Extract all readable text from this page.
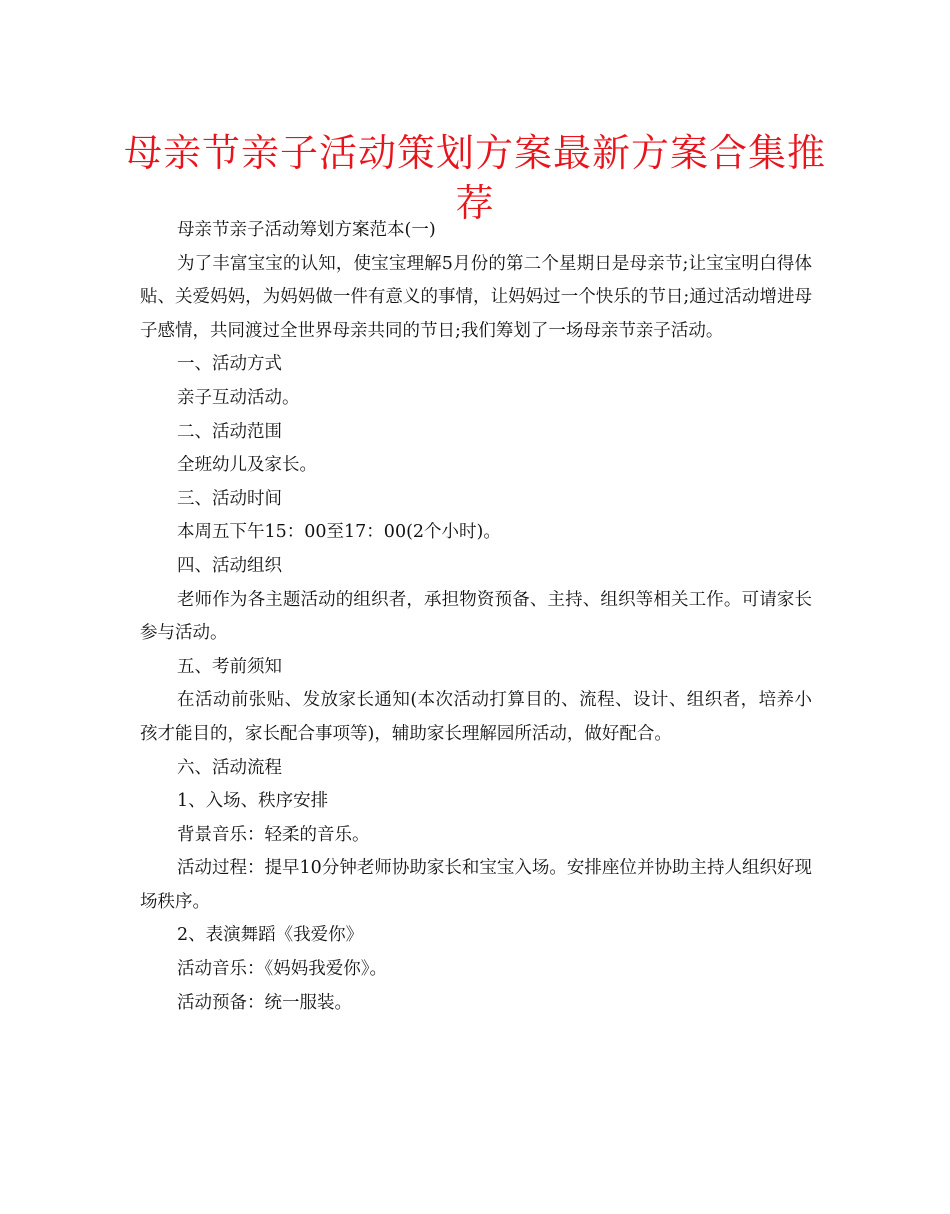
母亲节亲子活动策划方案最新方案合集推荐

母亲节亲子活动筹划方案范本(一)

为了丰富宝宝的认知，使宝宝理解5月份的第二个星期日是母亲节;让宝宝明白得体贴、关爱妈妈，为妈妈做一件有意义的事情，让妈妈过一个快乐的节日;通过活动增进母子感情，共同渡过全世界母亲共同的节日;我们筹划了一场母亲节亲子活动。

一、活动方式

亲子互动活动。

二、活动范围

全班幼儿及家长。

三、活动时间

本周五下午15：00至17：00(2个小时)。

四、活动组织

老师作为各主题活动的组织者，承担物资预备、主持、组织等相关工作。可请家长参与活动。

五、考前须知

在活动前张贴、发放家长通知(本次活动打算目的、流程、设计、组织者，培养小孩才能目的，家长配合事项等)，辅助家长理解园所活动，做好配合。

六、活动流程

1、入场、秩序安排

背景音乐：轻柔的音乐。

活动过程：提早10分钟老师协助家长和宝宝入场。安排座位并协助主持人组织好现场秩序。

2、表演舞蹈《我爱你》

活动音乐：《妈妈我爱你》。

活动预备：统一服装。
